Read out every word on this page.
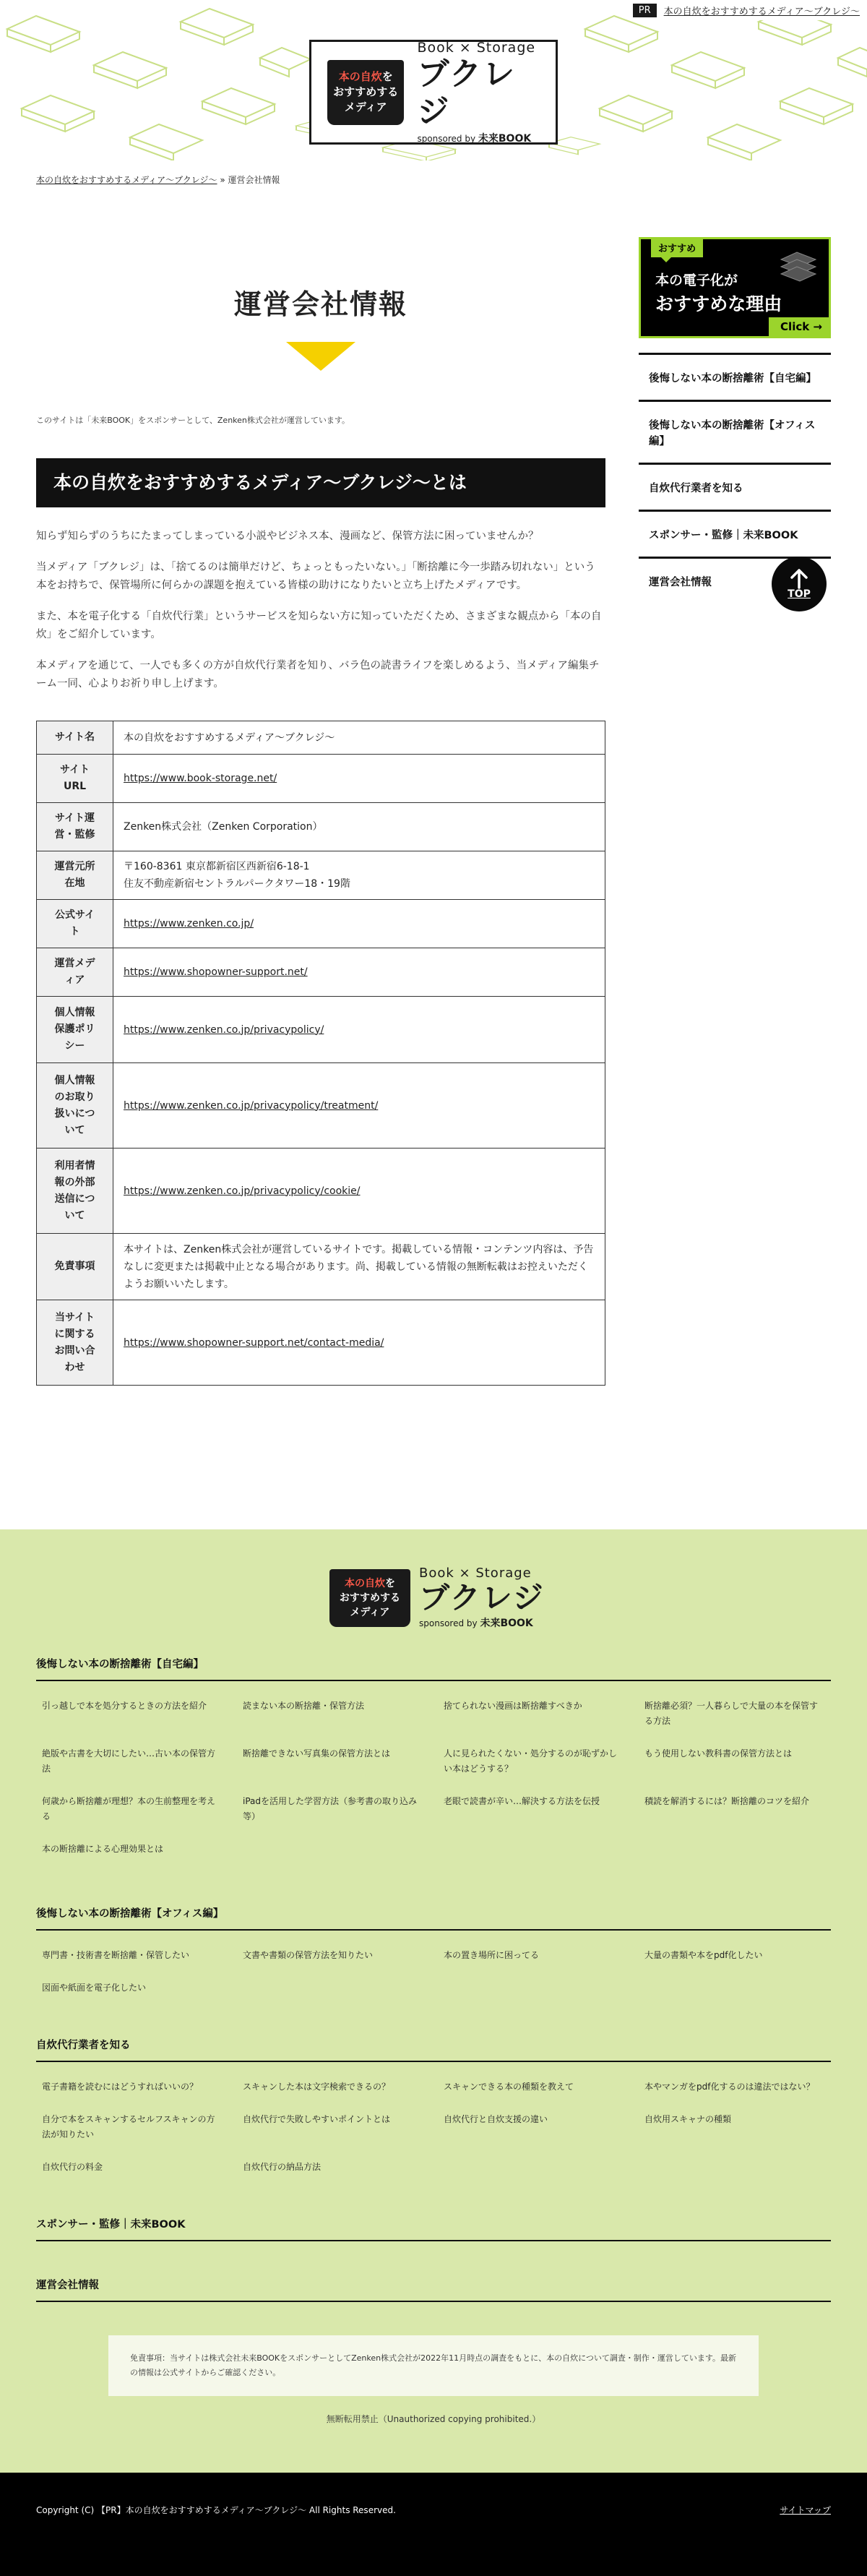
PR	本の自炊をおすすめするメディア〜ブクレジ〜
本の自炊を
おすすめする
メディア
Book × Storage
ブクレジ
sponsored by 未来BOOK
本の自炊をおすすめするメディア〜ブクレジ〜 » 運営会社情報
運営会社情報

このサイトは「未来BOOK」をスポンサーとして、Zenken株式会社が運営しています。

本の自炊をおすすめするメディア〜ブクレジ〜とは

知らず知らずのうちにたまってしまっている小説やビジネス本、漫画など、保管方法に困っていませんか？

当メディア「ブクレジ」は、「捨てるのは簡単だけど、ちょっともったいない。」「断捨離に今一歩踏み切れない」という本をお持ちで、保管場所に何らかの課題を抱えている皆様の助けになりたいと立ち上げたメディアです。

また、本を電子化する「自炊代行業」というサービスを知らない方に知っていただくため、さまざまな観点から「本の自炊」をご紹介しています。

本メディアを通じて、一人でも多くの方が自炊代行業者を知り、バラ色の読書ライフを楽しめるよう、当メディア編集チーム一同、心よりお祈り申し上げます。

サイト名	本の自炊をおすすめするメディア〜ブクレジ〜
サイトURL	https://www.book-storage.net/
サイト運営・監修	Zenken株式会社（Zenken Corporation）
運営元所在地	〒160-8361 東京都新宿区西新宿6-18-1
住友不動産新宿セントラルパークタワー18・19階

公式サイト	https://www.zenken.co.jp/
運営メディア	https://www.shopowner-support.net/
個人情報保護ポリシー	https://www.zenken.co.jp/privacypolicy/
個人情報のお取り扱いについて	https://www.zenken.co.jp/privacypolicy/treatment/
利用者情報の外部送信について	https://www.zenken.co.jp/privacypolicy/cookie/
免責事項	本サイトは、Zenken株式会社が運営しているサイトです。掲載している情報・コンテンツ内容は、予告なしに変更または掲載中止となる場合があります。尚、掲載している情報の無断転載はお控えいただくようお願いいたします。
当サイトに関するお問い合わせ	https://www.shopowner-support.net/contact-media/
おすすめ
本の電子化が
おすすめな理由
Click →
後悔しない本の断捨離術【自宅編】
後悔しない本の断捨離術【オフィス編】
自炊代行業者を知る
スポンサー・監修｜未来BOOK
運営会社情報
TOP
本の自炊を
おすすめする
メディア
Book × Storage
ブクレジ
sponsored by 未来BOOK
後悔しない本の断捨離術【自宅編】
引っ越しで本を処分するときの方法を紹介	読まない本の断捨離・保管方法	捨てられない漫画は断捨離すべきか	断捨離必須？一人暮らしで大量の本を保管する方法
絶版や古書を大切にしたい…古い本の保管方法
断捨離できない写真集の保管方法とは	人に見られたくない・処分するのが恥ずかしい本はどうする？
もう使用しない教科書の保管方法とは
何歳から断捨離が理想？本の生前整理を考える
iPadを活用した学習方法（参考書の取り込み等）
老眼で読書が辛い…解決する方法を伝授	積読を解消するには？断捨離のコツを紹介
本の断捨離による心理効果とは
後悔しない本の断捨離術【オフィス編】
専門書・技術書を断捨離・保管したい	文書や書類の保管方法を知りたい	本の置き場所に困ってる	大量の書類や本をpdf化したい
図面や紙面を電子化したい
自炊代行業者を知る
電子書籍を読むにはどうすればいいの？	スキャンした本は文字検索できるの？	スキャンできる本の種類を教えて	本やマンガをpdf化するのは違法ではない？
自分で本をスキャンするセルフスキャンの方法が知りたい
自炊代行で失敗しやすいポイントとは	自炊代行と自炊支援の違い	自炊用スキャナの種類
自炊代行の料金	自炊代行の納品方法
スポンサー・監修｜未来BOOK
運営会社情報
免責事項：当サイトは株式会社未来BOOKをスポンサーとしてZenken株式会社が2022年11月時点の調査をもとに、本の自炊について調査・制作・運営しています。最新の情報は公式サイトからご確認ください。
無断転用禁止（Unauthorized copying prohibited.）
Copyright (C) 【PR】本の自炊をおすすめするメディア〜ブクレジ〜 All Rights Reserved.	サイトマップ
